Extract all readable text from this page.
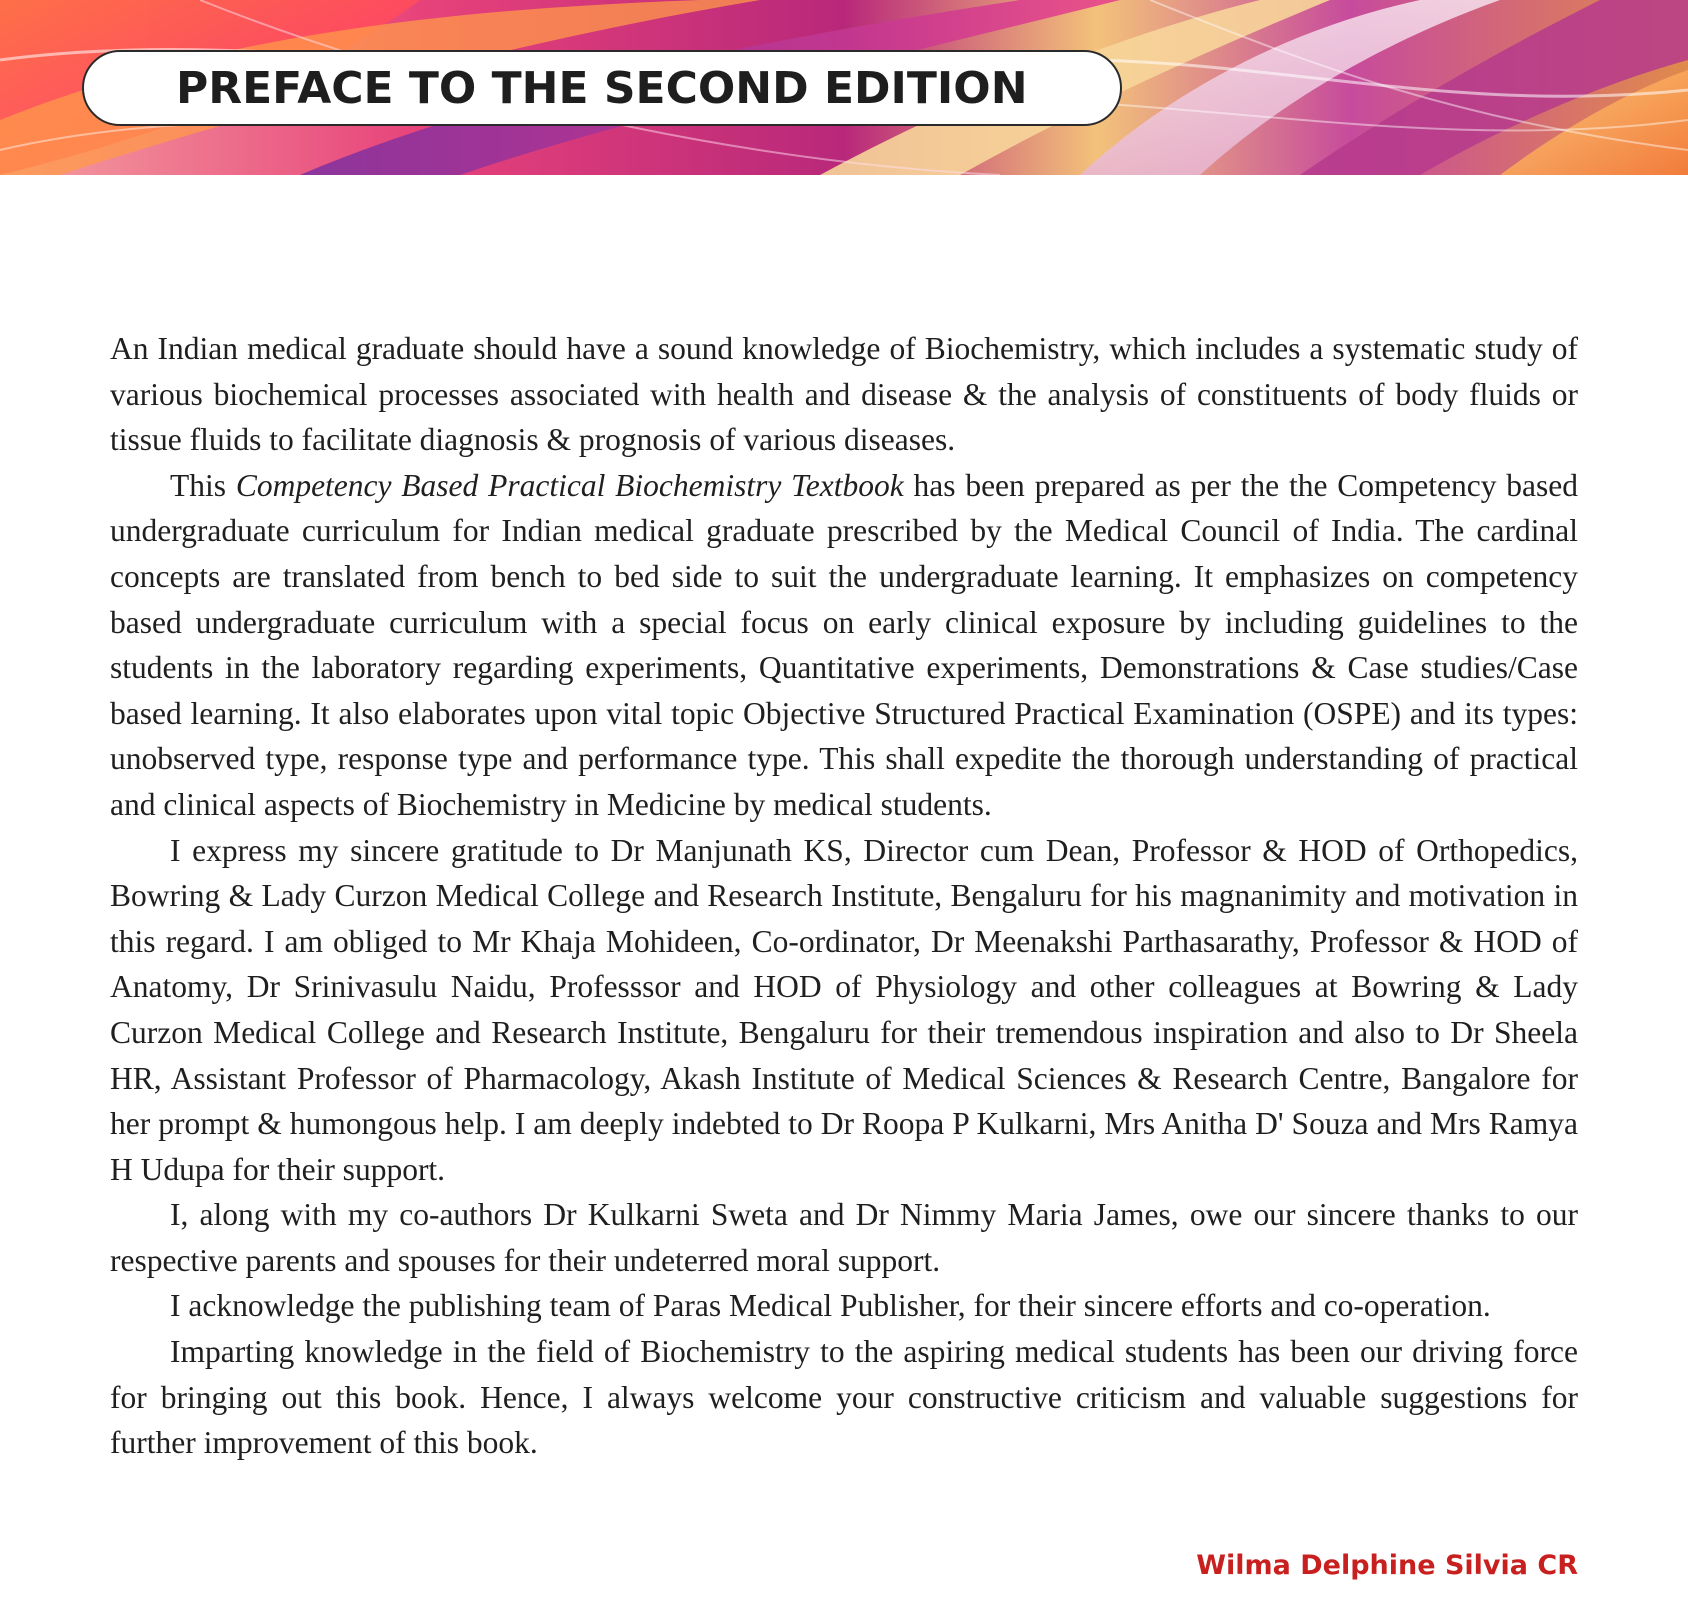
PREFACE TO THE SECOND EDITION

An Indian medical graduate should have a sound knowledge of Biochemistry, which includes a systematic study of various biochemical processes associated with health and disease & the analysis of constituents of body fluids or tissue fluids to facilitate diagnosis & prognosis of various diseases.

This Competency Based Practical Biochemistry Textbook has been prepared as per the the Competency based undergraduate curriculum for Indian medical graduate prescribed by the Medical Council of India. The cardinal concepts are translated from bench to bed side to suit the undergraduate learning. It emphasizes on competency based undergraduate curriculum with a special focus on early clinical exposure by including guidelines to the students in the laboratory regarding experiments, Quantitative experiments, Demonstrations & Case studies/Case based learning. It also elaborates upon vital topic Objective Structured Practical Examination (OSPE) and its types: unobserved type, response type and performance type. This shall expedite the thorough understanding of practical and clinical aspects of Biochemistry in Medicine by medical students.

I express my sincere gratitude to Dr Manjunath KS, Director cum Dean, Professor & HOD of Orthopedics, Bowring & Lady Curzon Medical College and Research Institute, Bengaluru for his magnanimity and motivation in this regard. I am obliged to Mr Khaja Mohideen, Co-ordinator, Dr Meenakshi Parthasarathy, Professor & HOD of Anatomy, Dr Srinivasulu Naidu, Professsor and HOD of Physiology and other colleagues at Bowring & Lady Curzon Medical College and Research Institute, Bengaluru for their tremendous inspiration and also to Dr Sheela HR, Assistant Professor of Pharmacology, Akash Institute of Medical Sciences & Research Centre, Bangalore for her prompt & humongous help. I am deeply indebted to Dr Roopa P Kulkarni, Mrs Anitha D' Souza and Mrs Ramya H Udupa for their support.

I, along with my co-authors Dr Kulkarni Sweta and Dr Nimmy Maria James, owe our sincere thanks to our respective parents and spouses for their undeterred moral support.

I acknowledge the publishing team of Paras Medical Publisher, for their sincere efforts and co-operation.

Imparting knowledge in the field of Biochemistry to the aspiring medical students has been our driving force for bringing out this book. Hence, I always welcome your constructive criticism and valuable suggestions for further improvement of this book.

Wilma Delphine Silvia CR
